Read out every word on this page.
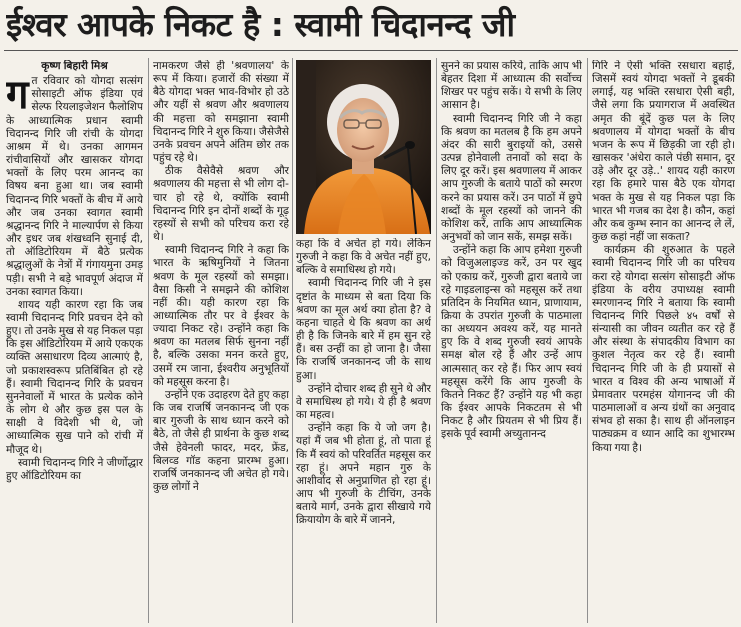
ईश्वर आपके निकट है : स्वामी चिदानन्द जी
कृष्ण बिहारी मिश्र
ग त रविवार को योगदा सत्संग सोसाइटी ऑफ इंडिया एवं सेल्फ रियलाइजेशन फैलोशिप के आध्यात्मिक प्रधान स्वामी चिदानन्द गिरि जी रांची के योगदा आश्रम में थे। उनका आगमन रांचीवासियों और खासकर योगदा भक्तों के लिए परम आनन्द का विषय बना हुआ था। जब स्वामी चिदानन्द गिरि भक्तों के बीच में आये और जब उनका स्वागत स्वामी श्रद्धानन्द गिरि ने माल्यार्पण से किया और इधर जब शंखध्वनि सुनाई दी, तो ऑडिटोरियम में बैठे प्रत्येक श्रद्धालुओं के नेत्रों में गंगायमुना उमड़ पड़ी। सभी ने बड़े भावपूर्ण अंदाज में उनका स्वागत किया।

शायद यही कारण रहा कि जब स्वामी चिदानन्द गिरि प्रवचन देने को हुए। तो उनके मुख से यह निकल पड़ा कि इस ऑडिटोरियम में आये एकएक व्यक्ति असाधारण दिव्य आत्माएं है, जो प्रकाशस्वरूप प्रतिबिंबित हो रहे हैं। स्वामी चिदानन्द गिरि के प्रवचन सुननेवालों में भारत के प्रत्येक कोने के लोग थे और कुछ इस पल के साक्षी वे विदेशी भी थे, जो आध्यात्मिक सुख पाने को रांची में मौजूद थे।

स्वामी चिदानन्द गिरि ने जीर्णोद्धार हुए ऑडिटोरियम का

नामकरण जैसे ही 'श्रवणालय' के रूप में किया। हजारों की संख्या में बैठे योगदा भक्त भाव-विभोर हो उठे और यहीं से श्रवण और श्रवणालय की महत्ता को समझाना स्वामी चिदानन्द गिरि ने शुरु किया। जैसेजैसे उनके प्रवचन अपने अंतिम छोर तक पहुंच रहे थे।

ठीक वैसेवैसे श्रवण और श्रवणालय की महत्ता से भी लोग दो-चार हो रहे थे, क्योंकि स्वामी चिदानन्द गिरि इन दोनों शब्दों के गूढ़ रहस्यों से सभी को परिचय करा रहे थे।

स्वामी चिदानन्द गिरि ने कहा कि भारत के ऋषिमुनियों ने जितना श्रवण के मूल रहस्यों को समझा। वैसा किसी ने समझने की कोशिश नहीं की। यही कारण रहा कि आध्यात्मिक तौर पर वे ईश्वर के ज्यादा निकट रहे। उन्होंने कहा कि श्रवण का मतलब सिर्फ सुनना नहीं है, बल्कि उसका मनन करते हुए, उसमें रम जाना, ईश्वरीय अनुभूतियों को महसूस करना है।

उन्होंने एक उदाहरण देते हुए कहा कि जब राजर्षि जनकानन्द जी एक बार गुरुजी के साथ ध्यान करने को बैठे, तो जैसे ही प्रार्थना के कुछ शब्द जैसे हेवेनली फादर, मदर, फ्रेंड, बिलव्ड गॉड कहना प्रारम्भ हुआ। राजर्षि जनकानन्द जी अचेत हो गये। कुछ लोगों ने

कहा कि वे अचेत हो गये। लेकिन गुरुजी ने कहा कि वे अचेत नहीं हुए, बल्कि वे समाधिस्थ हो गये।

स्वामी चिदानन्द गिरि जी ने इस दृष्टांत के माध्यम से बता दिया कि श्रवण का मूल अर्थ क्या होता है? वे कहना चाहते थे कि श्रवण का अर्थ ही है कि जिनके बारे में हम सुन रहे हैं। बस उन्हीं का हो जाना है। जैसा कि राजर्षि जनकानन्द जी के साथ हुआ।

उन्होंने दोचार शब्द ही सुने थे और वे समाधिस्थ हो गये। ये ही है श्रवण का महत्व।

उन्होंने कहा कि ये जो जग है। यहां मैं जब भी होता हूं, तो पाता हूं कि मैं स्वयं को परिवर्तित महसूस कर रहा हूं। अपने महान गुरु के आशीर्वाद से अनुप्राणित हो रहा हूं। आप भी गुरुजी के टीचिंग, उनके बताये मार्ग, उनके द्वारा सीखाये गये क्रियायोग के बारे में जानने,

सुनने का प्रयास करिये, ताकि आप भी बेहतर दिशा में आध्यात्म की सर्वोच्च शिखर पर पहुंच सकें। ये सभी के लिए आसान है।

स्वामी चिदानन्द गिरि जी ने कहा कि श्रवण का मतलब है कि हम अपने अंदर की सारी बुराइयों को, उससे उत्पन्न होनेवाली तनावों को सदा के लिए दूर करें। इस श्रवणालय में आकर आप गुरुजी के बताये पाठों को स्मरण करने का प्रयास करें। उन पाठों में छुपे शब्दों के मूल रहस्यों को जानने की कोशिश करें, ताकि आप आध्यात्मिक अनुभवों को जान सकें, समझ सकें।

उन्होंने कहा कि आप हमेशा गुरुजी को विजुअलाइज्ड करें, उन पर खुद को एकाग्र करें, गुरुजी द्वारा बताये जा रहे गाइडलाइन्स को महसूस करें तथा प्रतिदिन के नियमित ध्यान, प्राणायाम, क्रिया के उपरांत गुरुजी के पाठमाला का अध्ययन अवश्य करें, यह मानते हुए कि वे शब्द गुरुजी स्वयं आपके समक्ष बोल रहे हैं और उन्हें आप आत्मसात् कर रहे हैं। फिर आप स्वयं महसूस करेंगे कि आप गुरुजी के कितने निकट हैं? उन्होंने यह भी कहा कि ईश्वर आपके निकटतम से भी निकट है और प्रियतम से भी प्रिय हैं। इसके पूर्व स्वामी अच्युतानन्द

गिरि ने ऐसी भक्ति रसधारा बहाई, जिसमें स्वयं योगदा भक्तों ने डूबकी लगाई, यह भक्ति रसधारा ऐसी बही, जैसे लगा कि प्रयागराज में अवस्थित अमृत की बूंदें कुछ पल के लिए श्रवणालय में योगदा भक्तों के बीच भजन के रूप में छिड़की जा रही हो। खासकर 'अंधेरा काले पंछी समान, दूर उड़े और दूर उड़े..' शायद यही कारण रहा कि हमारे पास बैठे एक योगदा भक्त के मुख से यह निकल पड़ा कि भारत भी गजब का देश है। कौन, कहां और कब कुम्भ स्नान का आनन्द ले लें, कुछ कहां नहीं जा सकता?

कार्यक्रम की शुरुआत के पहले स्वामी चिदानन्द गिरि जी का परिचय करा रहे योगदा सत्संग सोसाइटी ऑफ इंडिया के वरीय उपाध्यक्ष स्वामी स्मरणानन्द गिरि ने बताया कि स्वामी चिदानन्द गिरि पिछले ४५ वर्षों से संन्यासी का जीवन व्यतीत कर रहे हैं और संस्था के संपादकीय विभाग का कुशल नेतृत्व कर रहे हैं। स्वामी चिदानन्द गिरि जी के ही प्रयासों से भारत व विश्व की अन्य भाषाओं में प्रेमावतार परमहंस योगानन्द जी की पाठमालाओं व अन्य ग्रंथों का अनुवाद संभव हो सका है। साथ ही ऑनलाइन पाठ्यक्रम व ध्यान आदि का शुभारम्भ किया गया है।
